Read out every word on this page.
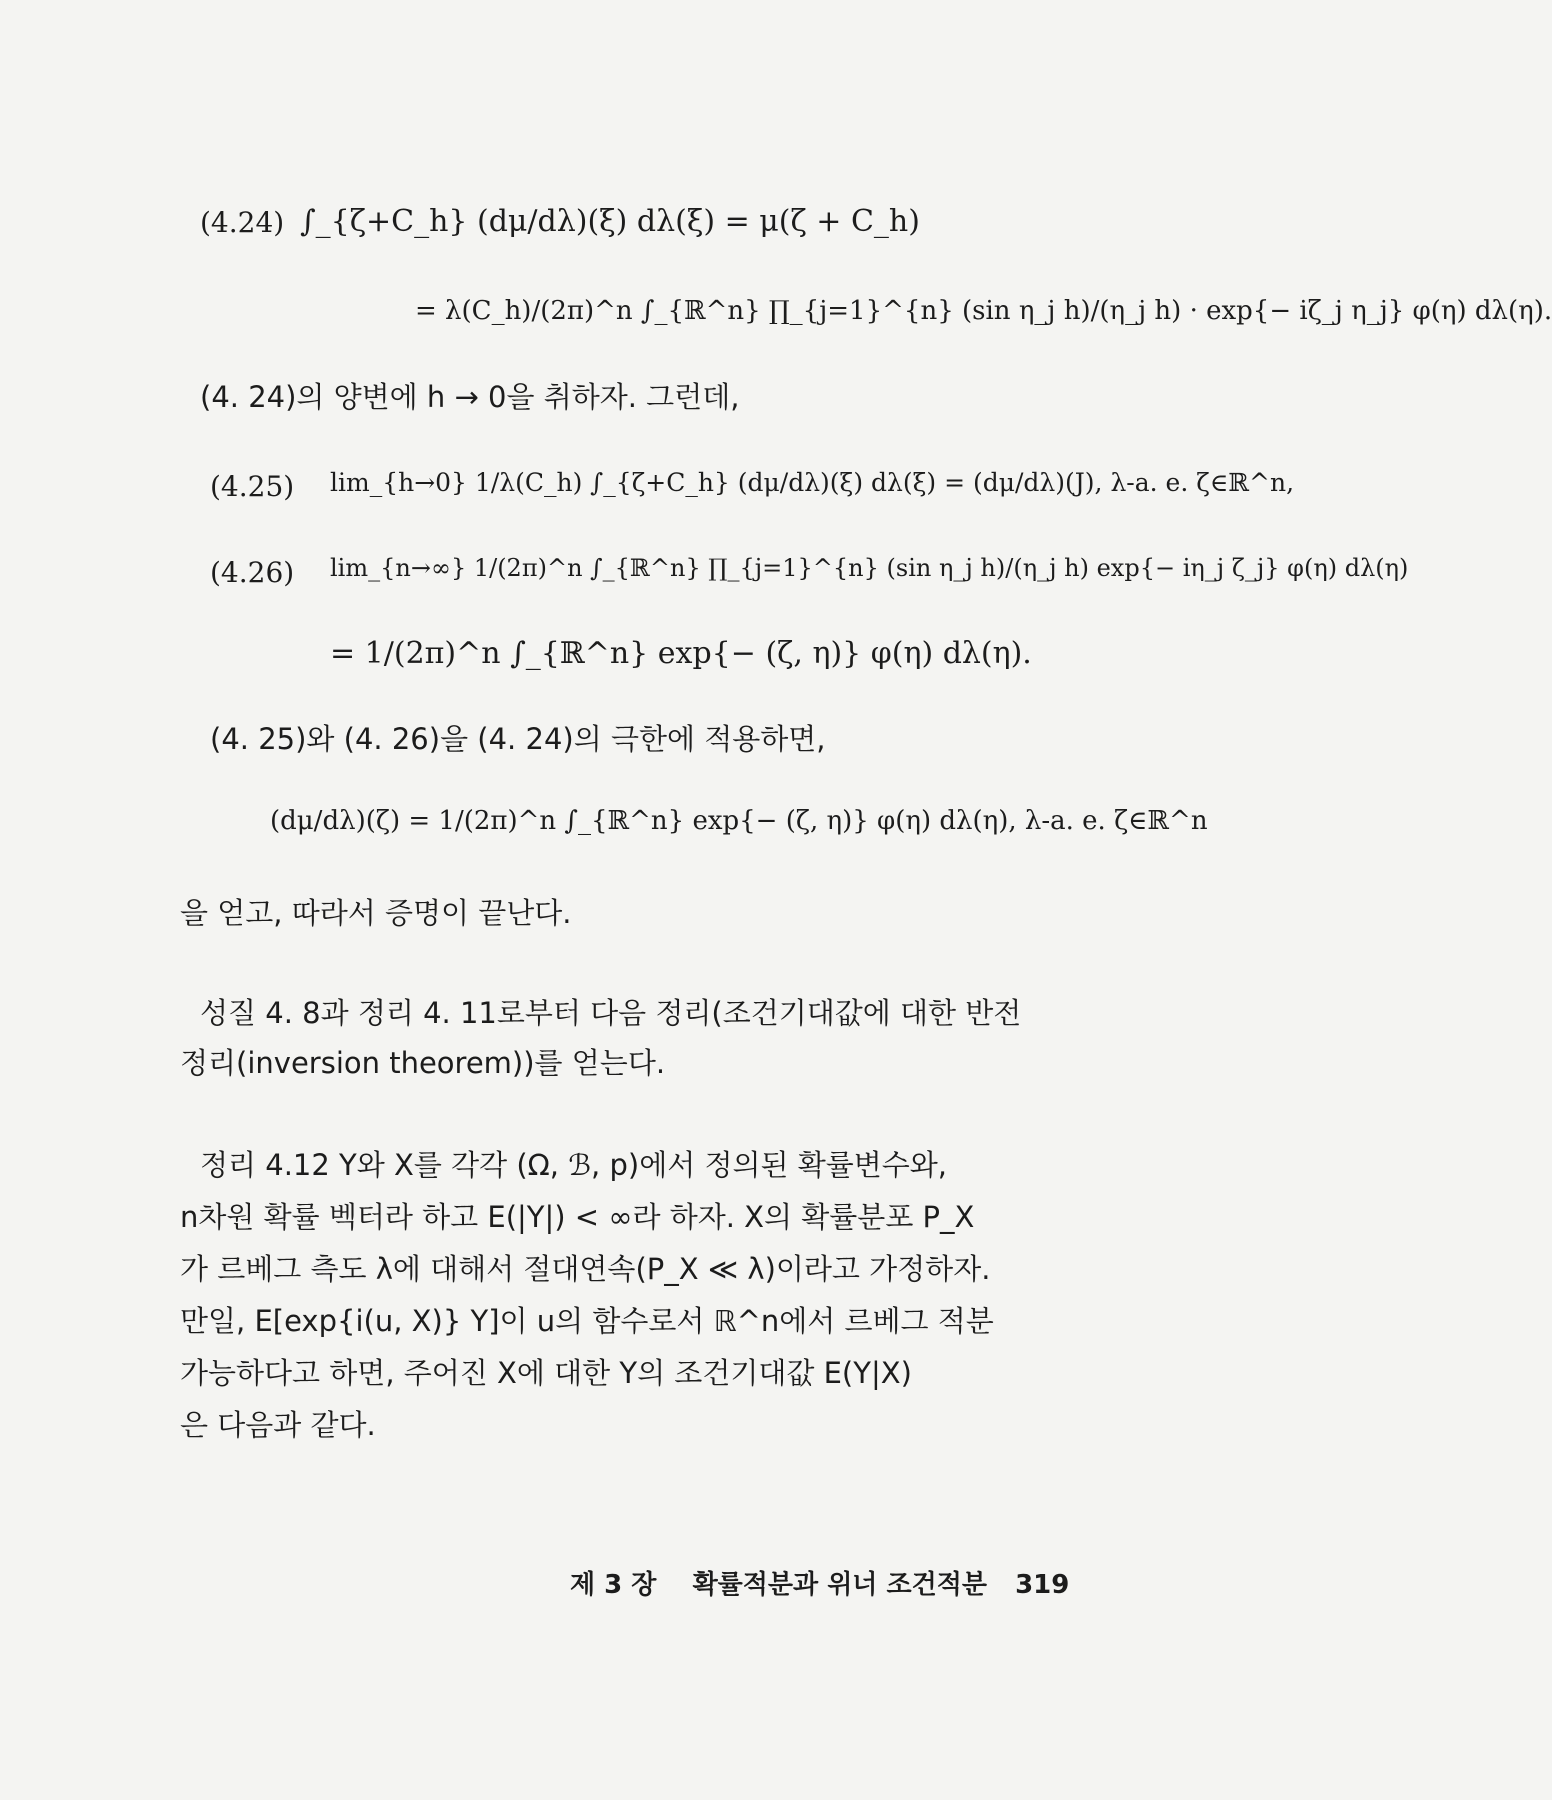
(4.24) ∫_{ζ+C_h} (dμ/dλ)(ξ) dλ(ξ) = μ(ζ + C_h)
= λ(C_h)/(2π)^n ∫_{ℝ^n} ∏_{j=1}^{n} (sin η_j h)/(η_j h) · exp{− iζ_j η_j} φ(η) dλ(η).
(4. 24)의 양변에 h → 0을 취하자. 그런데,
(4.25) lim_{h→0} 1/λ(C_h) ∫_{ζ+C_h} (dμ/dλ)(ξ) dλ(ξ) = (dμ/dλ)(J), λ-a. e. ζ∈ℝ^n,
(4.26) lim_{n→∞} 1/(2π)^n ∫_{ℝ^n} ∏_{j=1}^{n} (sin η_j h)/(η_j h) exp{− iη_j ζ_j} φ(η) dλ(η)
= 1/(2π)^n ∫_{ℝ^n} exp{− (ζ, η)} φ(η) dλ(η).
(4. 25)와 (4. 26)을 (4. 24)의 극한에 적용하면,
(dμ/dλ)(ζ) = 1/(2π)^n ∫_{ℝ^n} exp{− (ζ, η)} φ(η) dλ(η), λ-a. e. ζ∈ℝ^n
을 얻고, 따라서 증명이 끝난다.
성질 4. 8과 정리 4. 11로부터 다음 정리(조건기대값에 대한 반전
정리(inversion theorem))를 얻는다.
정리 4.12 Y와 X를 각각 (Ω, ℬ, p)에서 정의된 확률변수와,
n차원 확률 벡터라 하고 E(|Y|) < ∞라 하자. X의 확률분포 P_X
가 르베그 측도 λ에 대해서 절대연속(P_X ≪ λ)이라고 가정하자.
만일, E[exp{i(u, X)} Y]이 u의 함수로서 ℝ^n에서 르베그 적분
가능하다고 하면, 주어진 X에 대한 Y의 조건기대값 E(Y|X)
은 다음과 같다.
제 3 장 확률적분과 위너 조건적분 319
